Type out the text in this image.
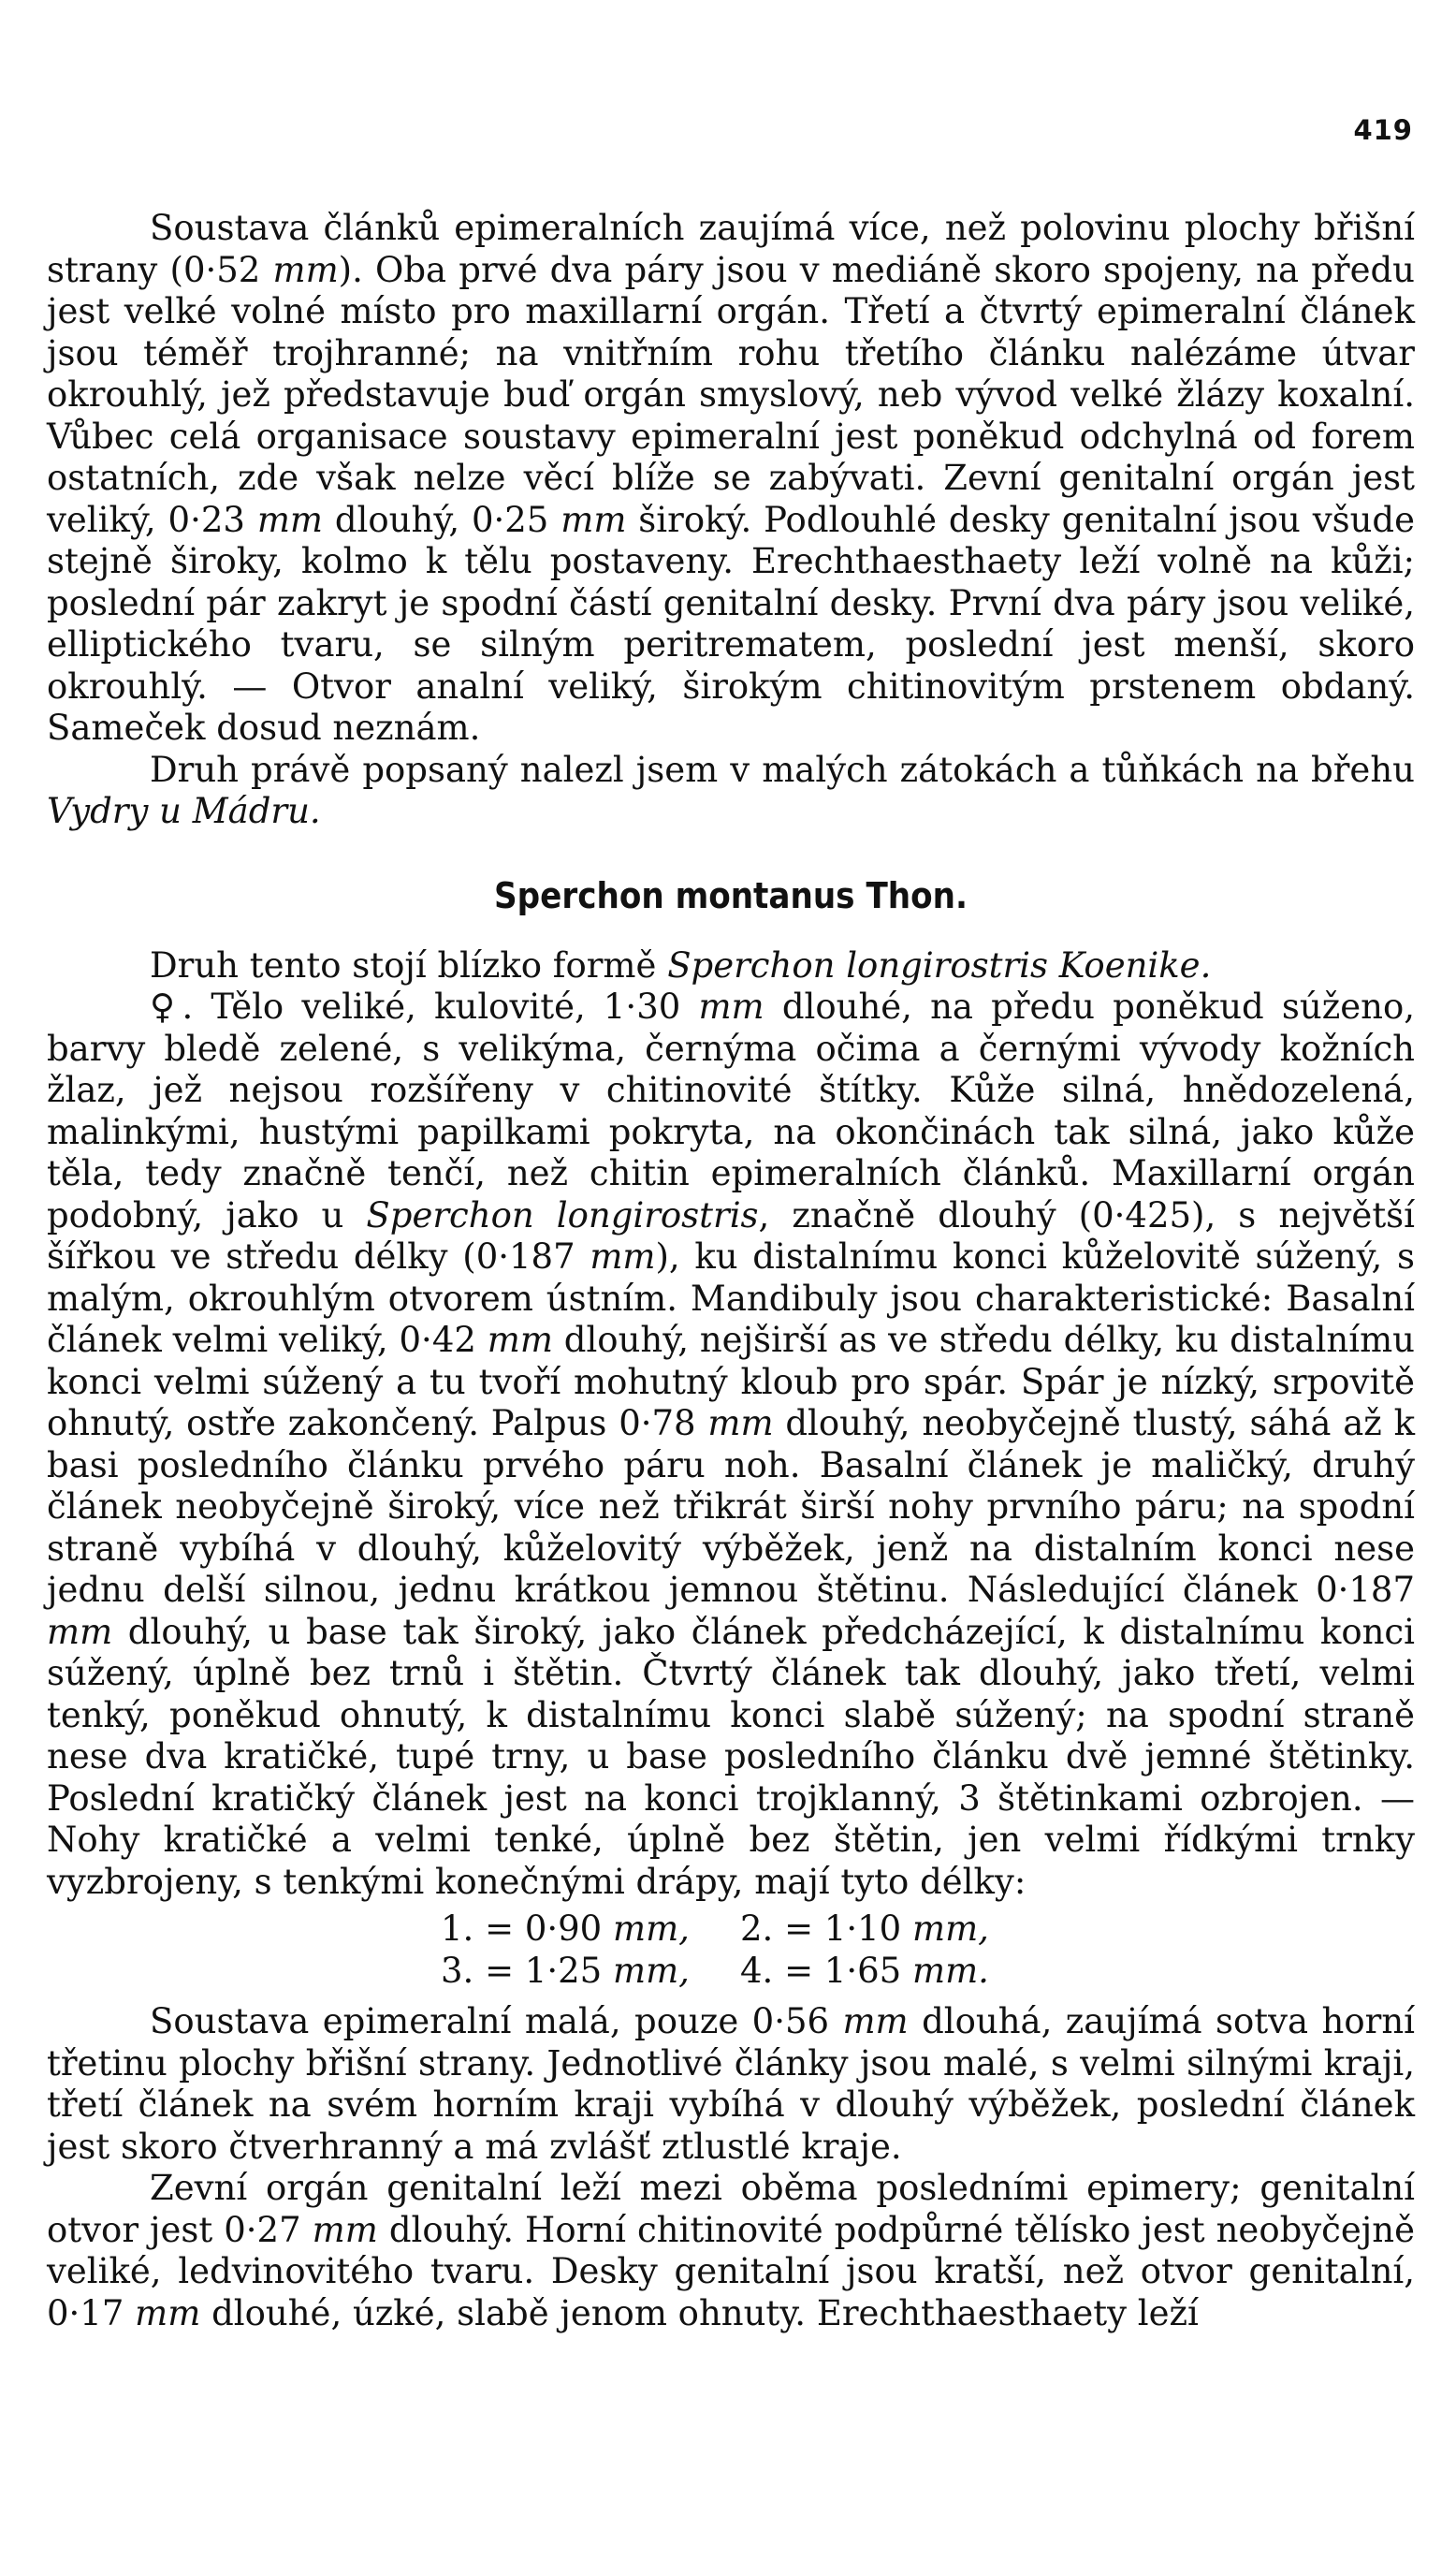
419

Soustava článků epimeralních zaujímá více, než polovinu plochy břišní strany (0·52 mm). Oba prvé dva páry jsou v mediáně skoro spojeny, na předu jest velké volné místo pro maxillarní orgán. Třetí a čtvrtý epimeralní článek jsou téměř trojhranné; na vnitřním rohu třetího článku nalézáme útvar okrouhlý, jež představuje buď orgán smyslový, neb vývod velké žlázy koxalní. Vůbec celá organisace soustavy epimeralní jest poněkud odchylná od forem ostatních, zde však nelze věcí blíže se zabývati. Zevní genitalní orgán jest veliký, 0·23 mm dlouhý, 0·25 mm široký. Podlouhlé desky genitalní jsou všude stejně široky, kolmo k tělu postaveny. Erechthaesthaety leží volně na kůži; poslední pár zakryt je spodní částí genitalní desky. První dva páry jsou veliké, elliptického tvaru, se silným peritrematem, poslední jest menší, skoro okrouhlý. — Otvor analní veliký, širokým chitinovitým prstenem obdaný. Sameček dosud neznám.

Druh právě popsaný nalezl jsem v malých zátokách a tůňkách na břehu Vydry u Mádru.

Sperchon montanus Thon.

Druh tento stojí blízko formě Sperchon longirostris Koenike.

♀. Tělo veliké, kulovité, 1·30 mm dlouhé, na předu poněkud súženo, barvy bledě zelené, s velikýma, černýma očima a černými vývody kožních žlaz, jež nejsou rozšířeny v chitinovité štítky. Kůže silná, hnědozelená, malinkými, hustými papilkami pokryta, na okončinách tak silná, jako kůže těla, tedy značně tenčí, než chitin epimeralních článků. Maxillarní orgán podobný, jako u Sperchon longirostris, značně dlouhý (0·425), s největší šířkou ve středu délky (0·187 mm), ku distalnímu konci kůželovitě súžený, s malým, okrouhlým otvorem ústním. Mandibuly jsou charakteristické: Basalní článek velmi veliký, 0·42 mm dlouhý, nejširší as ve středu délky, ku distalnímu konci velmi súžený a tu tvoří mohutný kloub pro spár. Spár je nízký, srpovitě ohnutý, ostře zakončený. Palpus 0·78 mm dlouhý, neobyčejně tlustý, sáhá až k basi posledního článku prvého páru noh. Basalní článek je maličký, druhý článek neobyčejně široký, více než třikrát širší nohy prvního páru; na spodní straně vybíhá v dlouhý, kůželovitý výběžek, jenž na distalním konci nese jednu delší silnou, jednu krátkou jemnou štětinu. Následující článek 0·187 mm dlouhý, u base tak široký, jako článek předcházející, k distalnímu konci súžený, úplně bez trnů i štětin. Čtvrtý článek tak dlouhý, jako třetí, velmi tenký, poněkud ohnutý, k distalnímu konci slabě súžený; na spodní straně nese dva kratičké, tupé trny, u base posledního článku dvě jemné štětinky. Poslední kratičký článek jest na konci trojklanný, 3 štětinkami ozbrojen. — Nohy kratičké a velmi tenké, úplně bez štětin, jen velmi řídkými trnky vyzbrojeny, s tenkými konečnými drápy, mají tyto délky:

1. = 0·90 mm,	2. = 1·10 mm,
3. = 1·25 mm,	4. = 1·65 mm.

Soustava epimeralní malá, pouze 0·56 mm dlouhá, zaujímá sotva horní třetinu plochy břišní strany. Jednotlivé články jsou malé, s velmi silnými kraji, třetí článek na svém horním kraji vybíhá v dlouhý výběžek, poslední článek jest skoro čtverhranný a má zvlášť ztlustlé kraje.

Zevní orgán genitalní leží mezi oběma posledními epimery; genitalní otvor jest 0·27 mm dlouhý. Horní chitinovité podpůrné tělísko jest neobyčejně veliké, ledvinovitého tvaru. Desky genitalní jsou kratší, než otvor genitalní, 0·17 mm dlouhé, úzké, slabě jenom ohnuty. Erechthaesthaety leží
